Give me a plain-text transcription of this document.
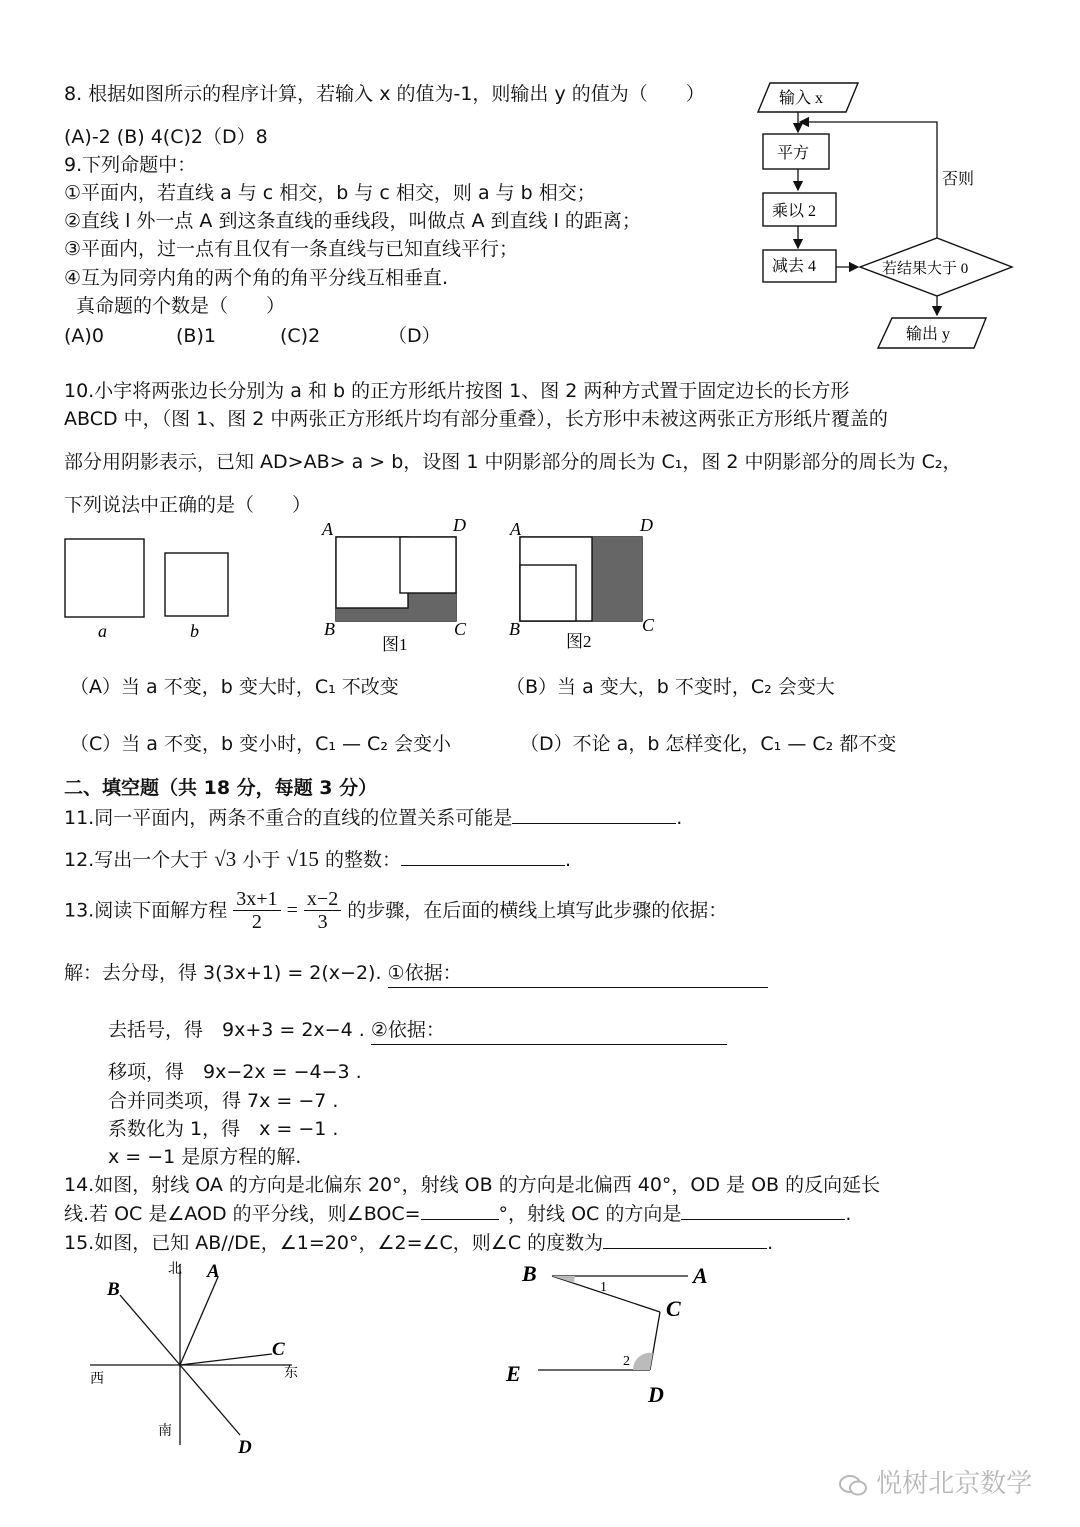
8. 根据如图所示的程序计算，若输入 x 的值为-1，则输出 y 的值为（　　）
(A)-2 (B) 4(C)2（D）8
输入 x
平方
乘以 2
减去 4	若结果大于 0
否则
输出 y
9.下列命题中：
①平面内，若直线 a 与 c 相交，b 与 c 相交，则 a 与 b 相交；
②直线 l 外一点 A 到这条直线的垂线段，叫做点 A 到直线 l 的距离；
③平面内，过一点有且仅有一条直线与已知直线平行；
④互为同旁内角的两个角的角平分线互相垂直.
真命题的个数是（　　）
(A)0	(B)1	(C)2	（D）
10.小宇将两张边长分别为 a 和 b 的正方形纸片按图 1、图 2 两种方式置于固定边长的长方形
ABCD 中，（图 1、图 2 中两张正方形纸片均有部分重叠），长方形中未被这两张正方形纸片覆盖的
部分用阴影表示，已知 AD>AB> a > b，设图 1 中阴影部分的周长为 C₁，图 2 中阴影部分的周长为 C₂，
下列说法中正确的是（　　）
a	b
A	D
B	C
图1
A	D
B	C
图2
（A）当 a 不变，b 变大时，C₁ 不改变	（B）当 a 变大，b 不变时，C₂ 会变大
（C）当 a 不变，b 变小时，C₁ — C₂ 会变小	（D）不论 a，b 怎样变化，C₁ — C₂ 都不变
二、填空题（共 18 分，每题 3 分）
11.同一平面内，两条不重合的直线的位置关系可能是	.
12.写出一个大于 √3 小于 √15 的整数：	.
13.阅读下面解方程 $\frac{3x+1}{2} = \frac{x-2}{3}$ 的步骤，在后面的横线上填写此步骤的依据：
解：去分母，得 3(3x+1) = 2(x−2). ①依据：
去括号，得　9x+3 = 2x−4 . ②依据：
移项，得　9x−2x = −4−3 .
合并同类项，得 7x = −7 .
系数化为 1，得　x = −1 .
x = −1 是原方程的解.
14.如图，射线 OA 的方向是北偏东 20°，射线 OB 的方向是北偏西 40°，OD 是 OB 的反向延长
线.若 OC 是∠AOD 的平分线，则∠BOC=	°，射线 OC 的方向是	.
15.如图，已知 AB//DE，∠1=20°，∠2=∠C，则∠C 的度数为	.
北
南
东
西
A
B
C
D
B	A
C
E
D
1
2
悦树北京数学
